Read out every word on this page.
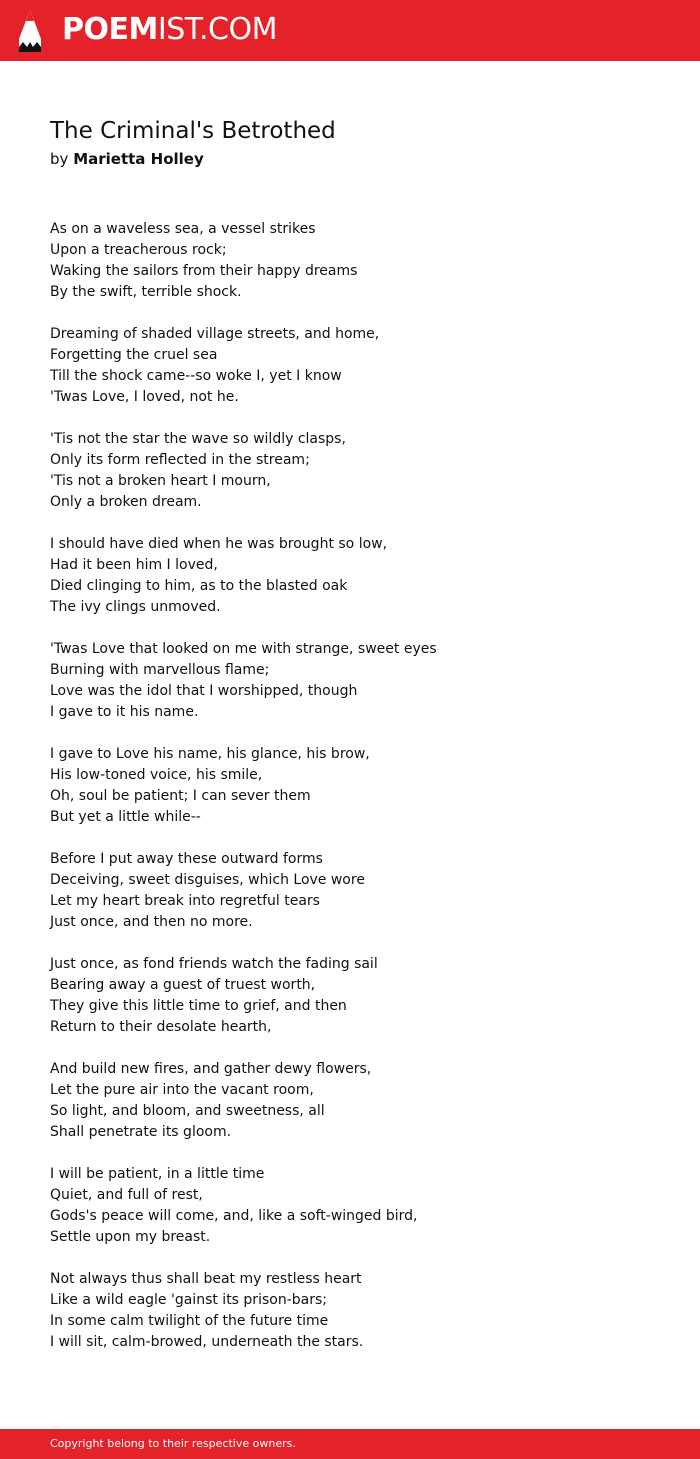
POEMIST.COM
The Criminal's Betrothed
by Marietta Holley
As on a waveless sea, a vessel strikes
Upon a treacherous rock;
Waking the sailors from their happy dreams
By the swift, terrible shock.
Dreaming of shaded village streets, and home,
Forgetting the cruel sea
Till the shock came--so woke I, yet I know
'Twas Love, I loved, not he.
'Tis not the star the wave so wildly clasps,
Only its form reflected in the stream;
'Tis not a broken heart I mourn,
Only a broken dream.
I should have died when he was brought so low,
Had it been him I loved,
Died clinging to him, as to the blasted oak
The ivy clings unmoved.
'Twas Love that looked on me with strange, sweet eyes
Burning with marvellous flame;
Love was the idol that I worshipped, though
I gave to it his name.
I gave to Love his name, his glance, his brow,
His low-toned voice, his smile,
Oh, soul be patient; I can sever them
But yet a little while--
Before I put away these outward forms
Deceiving, sweet disguises, which Love wore
Let my heart break into regretful tears
Just once, and then no more.
Just once, as fond friends watch the fading sail
Bearing away a guest of truest worth,
They give this little time to grief, and then
Return to their desolate hearth,
And build new fires, and gather dewy flowers,
Let the pure air into the vacant room,
So light, and bloom, and sweetness, all
Shall penetrate its gloom.
I will be patient, in a little time
Quiet, and full of rest,
Gods's peace will come, and, like a soft-winged bird,
Settle upon my breast.
Not always thus shall beat my restless heart
Like a wild eagle 'gainst its prison-bars;
In some calm twilight of the future time
I will sit, calm-browed, underneath the stars.
Copyright belong to their respective owners.
